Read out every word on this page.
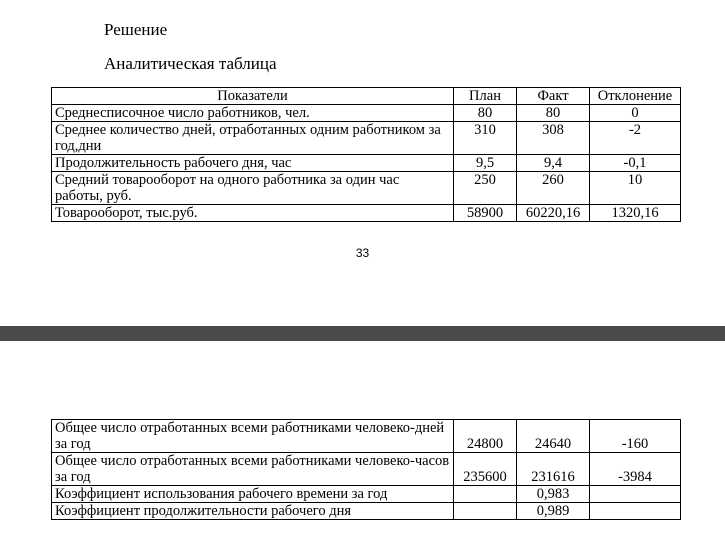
Решение

Аналитическая таблица

Показатели	План	Факт	Отклонение
Среднесписочное число работников, чел.	80	80	0
Среднее количество дней, отработанных одним работником за год,дни	310	308	-2
Продолжительность рабочего дня, час	9,5	9,4	-0,1
Средний товарооборот на одного работника за один час работы, руб.	250	260	10
Товарооборот, тыс.руб.	58900	60220,16	1320,16
33
Общее число отработанных всеми работниками человеко-дней за год	24800	24640	-160
Общее число отработанных всеми работниками человеко-часов за год	235600	231616	-3984
Коэффициент использования рабочего времени за год		0,983	
Коэффициент продолжительности рабочего дня		0,989	
